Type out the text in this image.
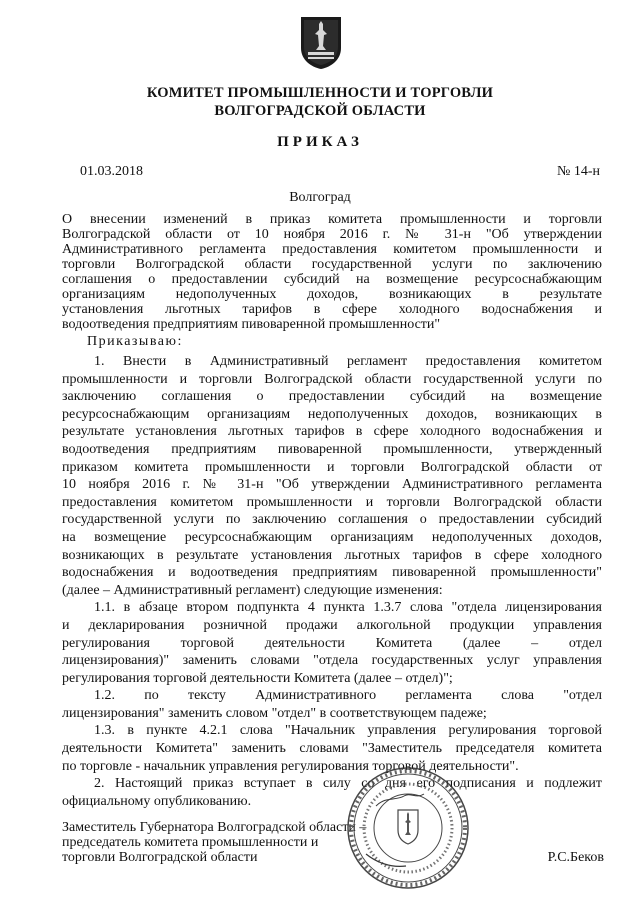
КОМИТЕТ ПРОМЫШЛЕННОСТИ И ТОРГОВЛИ
ВОЛГОГРАДСКОЙ ОБЛАСТИ
ПРИКАЗ
01.03.2018	№ 14-н
Волгоград

О внесении изменений в приказ комитета промышленности и торговли

Волгоградской области от 10 ноября 2016 г. № 31-н "Об утверждении

Административного регламента предоставления комитетом промышленности и

торговли Волгоградской области государственной услуги по заключению

соглашения о предоставлении субсидий на возмещение ресурсоснабжающим

организациям недополученных доходов, возникающих в результате

установления льготных тарифов в сфере холодного водоснабжения и

водоотведения предприятиям пивоваренной промышленности"

Приказываю:
1. Внести в Административный регламент предоставления комитетом
промышленности и торговли Волгоградской области государственной услуги по
заключению соглашения о предоставлении субсидий на возмещение
ресурсоснабжающим организациям недополученных доходов, возникающих в
результате установления льготных тарифов в сфере холодного водоснабжения и
водоотведения предприятиям пивоваренной промышленности, утвержденный
приказом комитета промышленности и торговли Волгоградской области от
10 ноября 2016 г. № 31-н "Об утверждении Административного регламента
предоставления комитетом промышленности и торговли Волгоградской области
государственной услуги по заключению соглашения о предоставлении субсидий
на возмещение ресурсоснабжающим организациям недополученных доходов,
возникающих в результате установления льготных тарифов в сфере холодного
водоснабжения и водоотведения предприятиям пивоваренной промышленности"
(далее – Административный регламент) следующие изменения:
1.1. в абзаце втором подпункта 4 пункта 1.3.7 слова "отдела лицензирования
и декларирования розничной продажи алкогольной продукции управления
регулирования торговой деятельности Комитета (далее – отдел
лицензирования)" заменить словами "отдела государственных услуг управления
регулирования торговой деятельности Комитета (далее – отдел)";
1.2. по тексту Административного регламента слова "отдел
лицензирования" заменить словом "отдел" в соответствующем падеже;
1.3. в пункте 4.2.1 слова "Начальник управления регулирования торговой
деятельности Комитета" заменить словами "Заместитель председателя комитета
по торговле - начальник управления регулирования торговой деятельности".
2. Настоящий приказ вступает в силу со дня его подписания и подлежит
официальному опубликованию.
Заместитель Губернатора Волгоградской области –
председатель комитета промышленности и
торговли Волгоградской области	Р.С.Беков
